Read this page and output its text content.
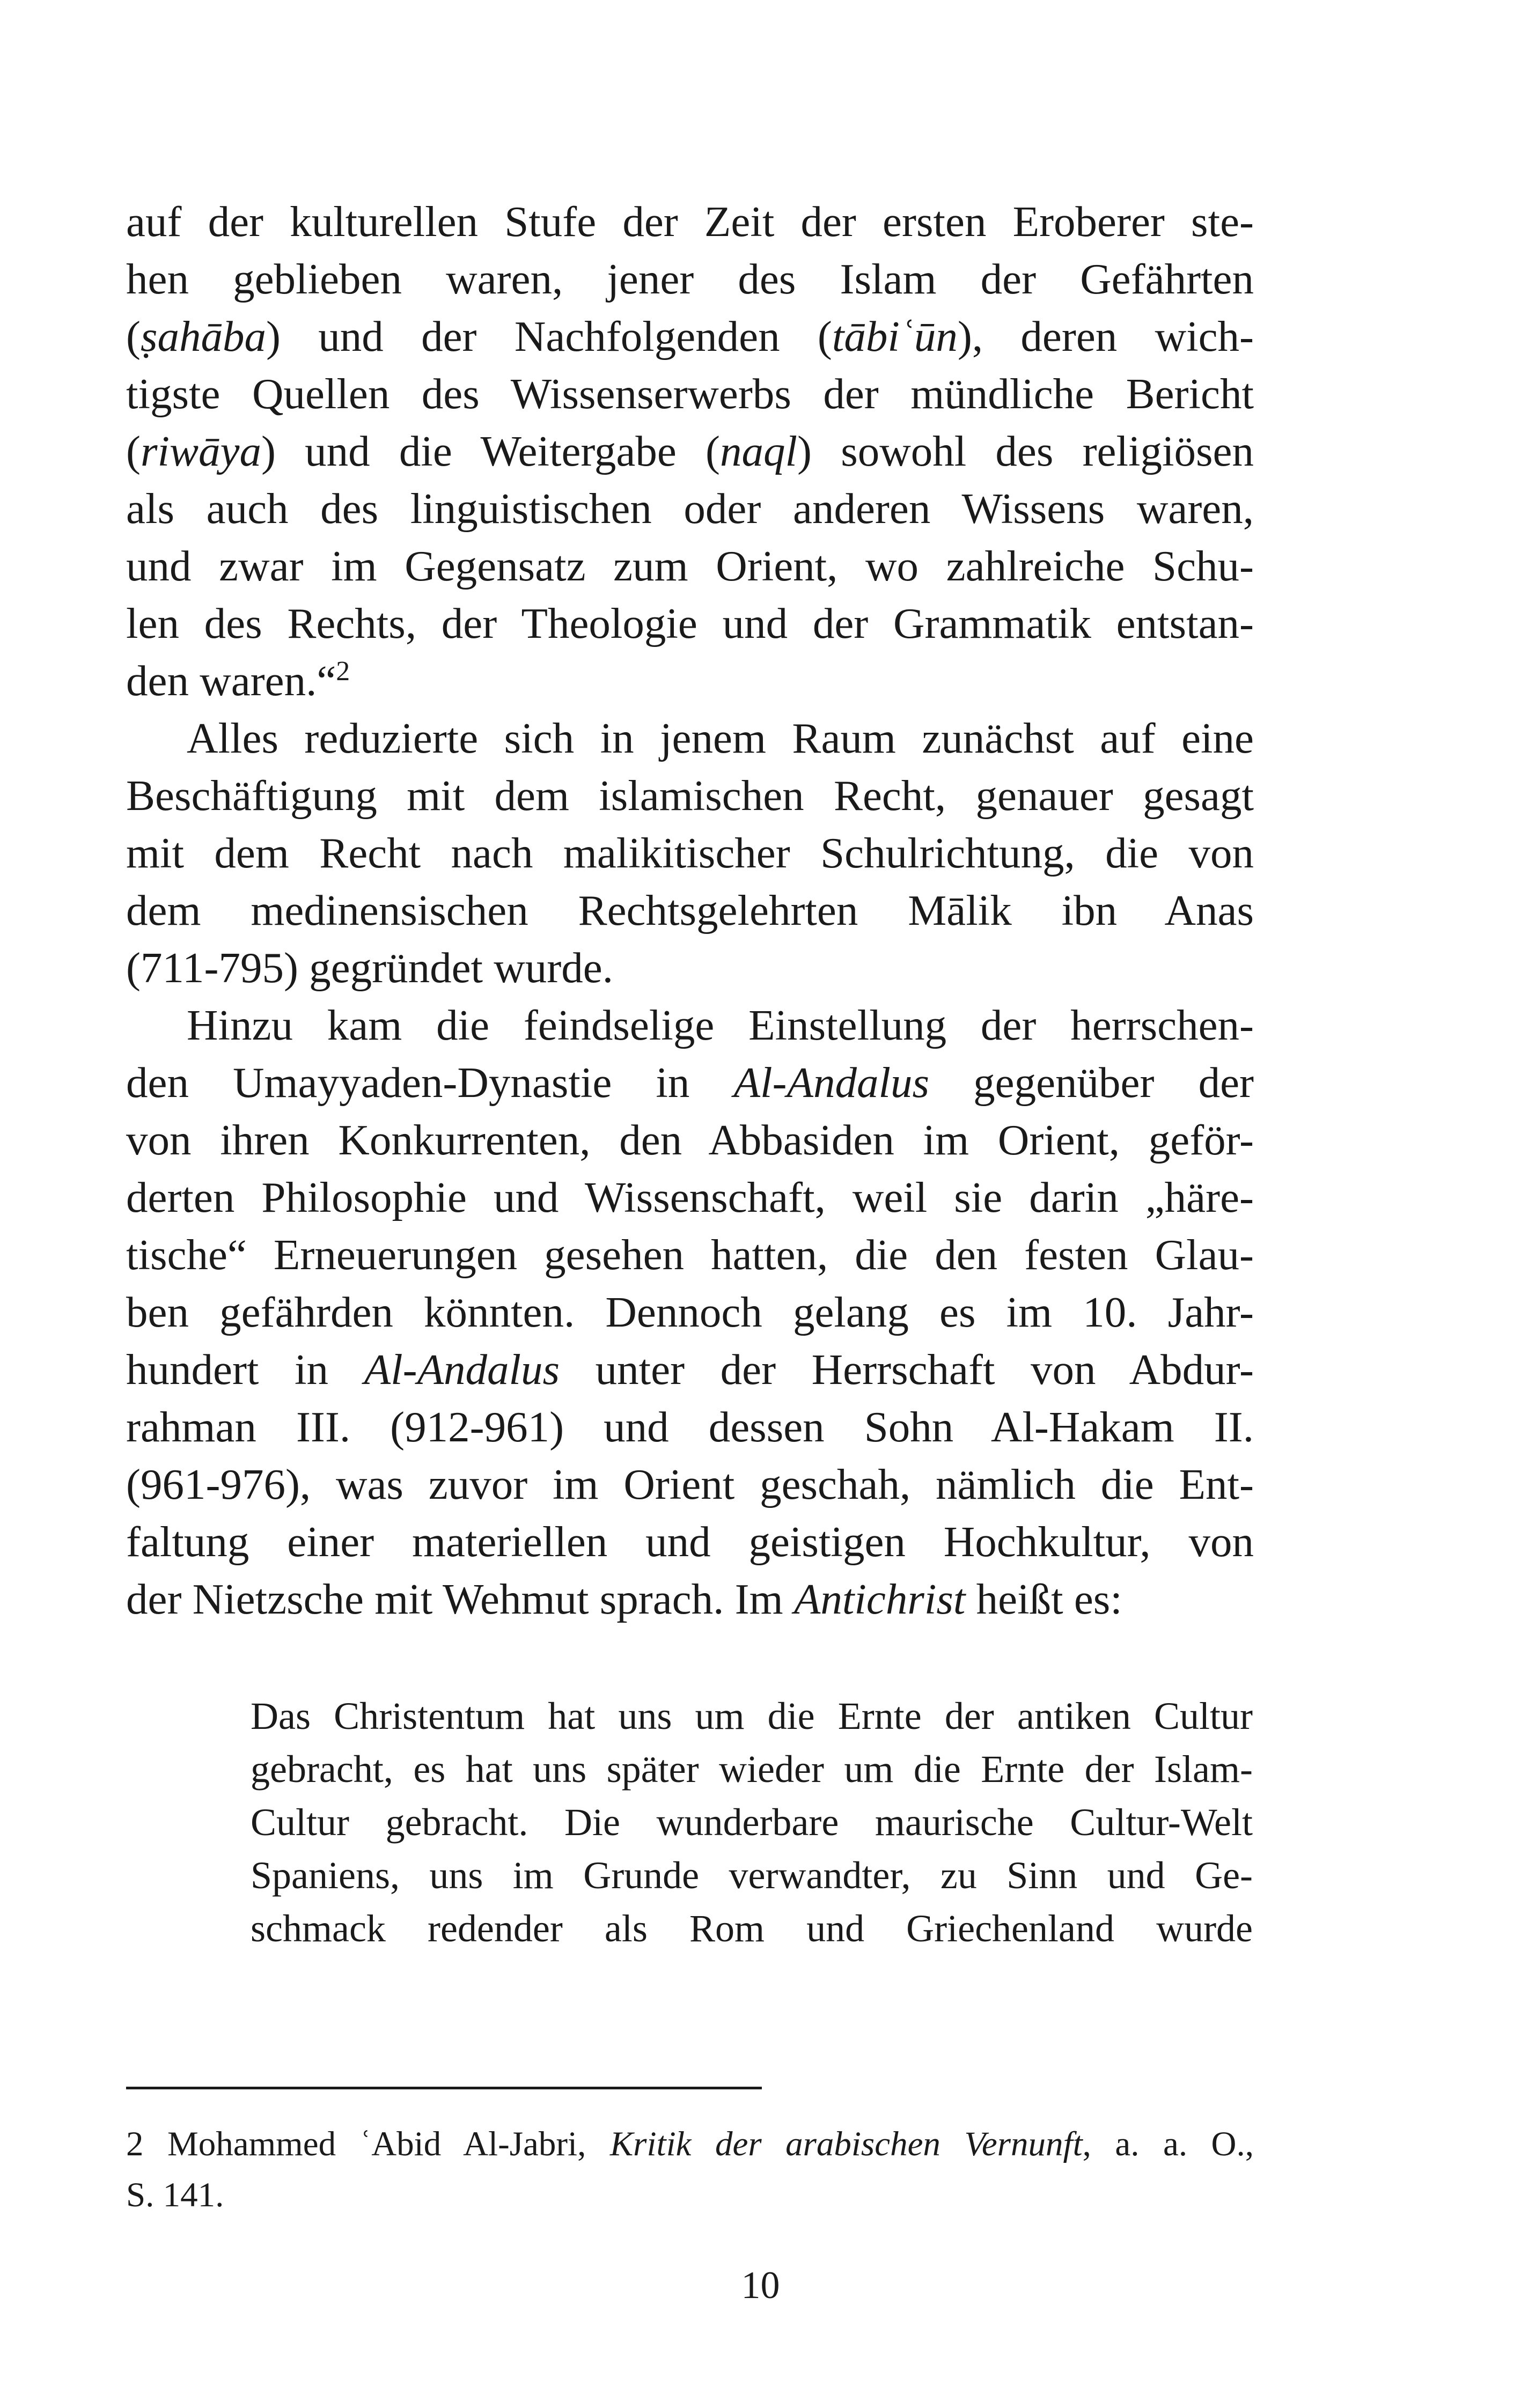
auf der kulturellen Stufe der Zeit der ersten Eroberer ste-
hen geblieben waren, jener des Islam der Gefährten
(ṣahāba) und der Nachfolgenden (tābiʿūn), deren wich-
tigste Quellen des Wissenserwerbs der mündliche Bericht
(riwāya) und die Weitergabe (naql) sowohl des religiösen
als auch des linguistischen oder anderen Wissens waren,
und zwar im Gegensatz zum Orient, wo zahlreiche Schu-
len des Rechts, der Theologie und der Grammatik entstan-
den waren.“$^2$
Alles reduzierte sich in jenem Raum zunächst auf eine
Beschäftigung mit dem islamischen Recht, genauer gesagt
mit dem Recht nach malikitischer Schulrichtung, die von
dem medinensischen Rechtsgelehrten Mālik ibn Anas
(711-795) gegründet wurde.
Hinzu kam die feindselige Einstellung der herrschen-
den Umayyaden-Dynastie in Al-Andalus gegenüber der
von ihren Konkurrenten, den Abbasiden im Orient, geför-
derten Philosophie und Wissenschaft, weil sie darin „häre-
tische“ Erneuerungen gesehen hatten, die den festen Glau-
ben gefährden könnten. Dennoch gelang es im 10. Jahr-
hundert in Al-Andalus unter der Herrschaft von Abdur-
rahman III. (912-961) und dessen Sohn Al-Hakam II.
(961-976), was zuvor im Orient geschah, nämlich die Ent-
faltung einer materiellen und geistigen Hochkultur, von
der Nietzsche mit Wehmut sprach. Im Antichrist heißt es:
Das Christentum hat uns um die Ernte der antiken Cultur
gebracht, es hat uns später wieder um die Ernte der Islam-
Cultur gebracht. Die wunderbare maurische Cultur-Welt
Spaniens, uns im Grunde verwandter, zu Sinn und Ge-
schmack redender als Rom und Griechenland wurde
2 Mohammed ʿAbid Al-Jabri, Kritik der arabischen Vernunft, a. a. O.,
S. 141.
10
